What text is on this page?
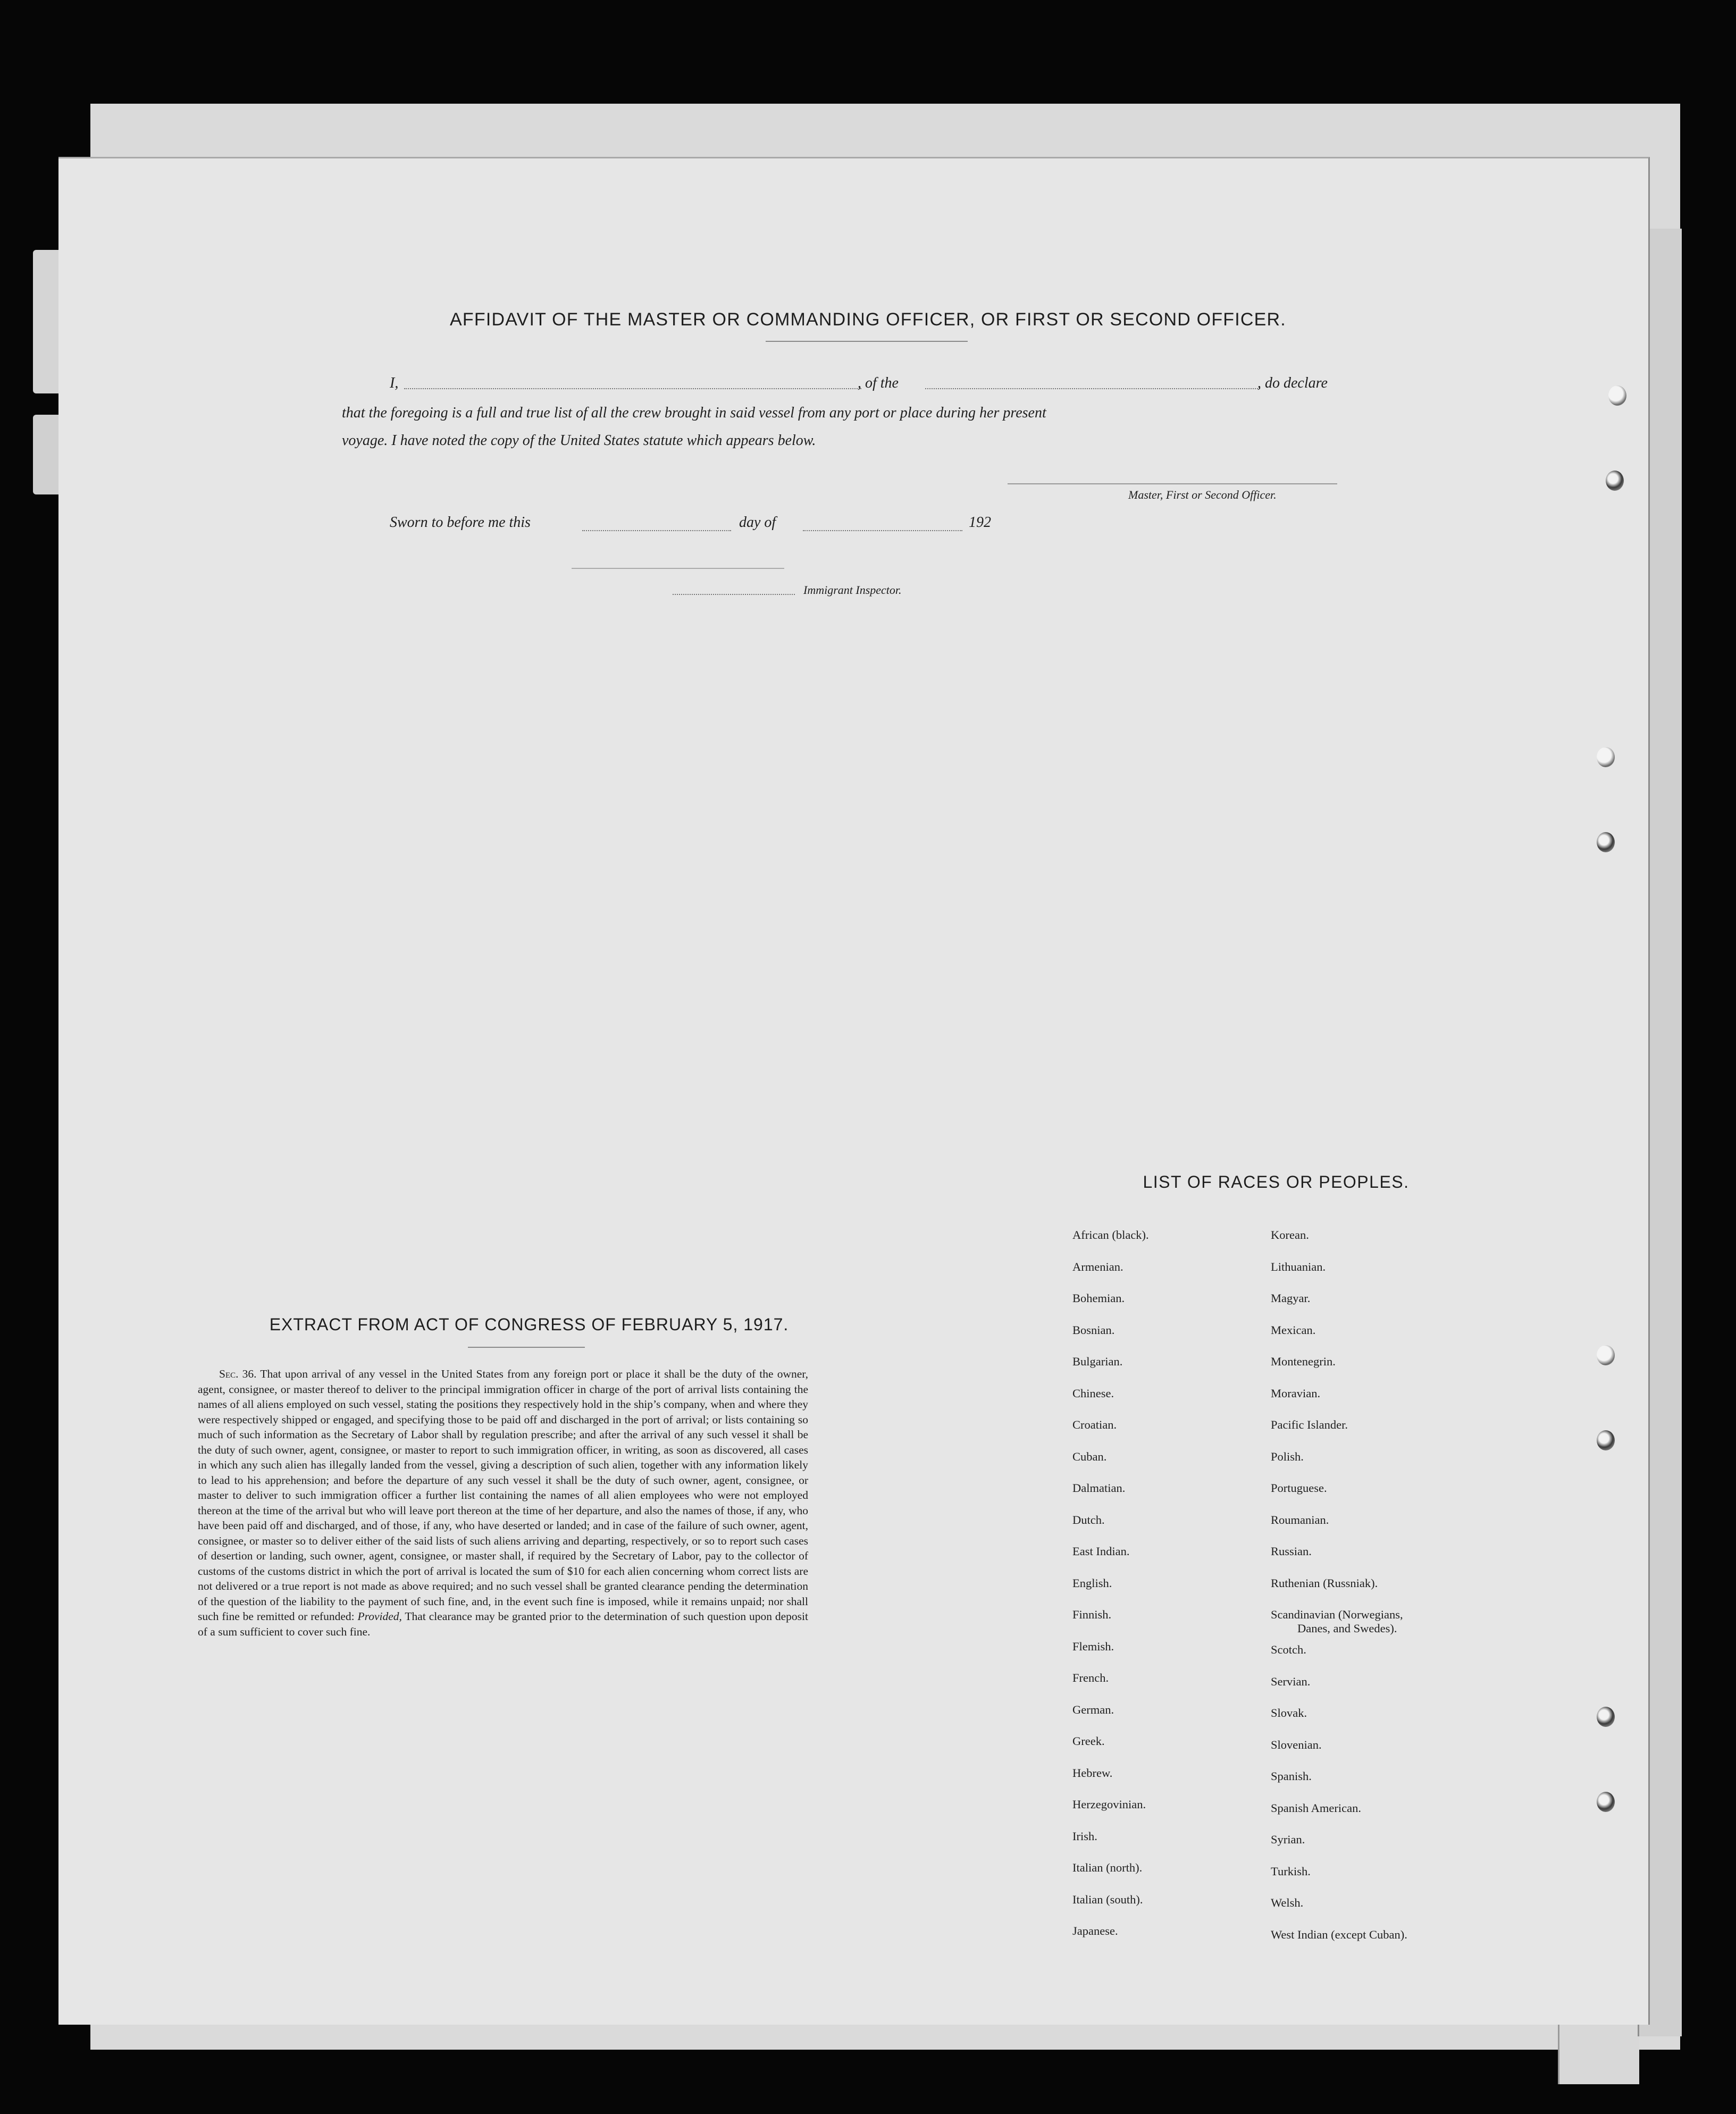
AFFIDAVIT OF THE MASTER OR COMMANDING OFFICER, OR FIRST OR SECOND OFFICER.
I,	, of the	, do declare
that the foregoing is a full and true list of all the crew brought in said vessel from any port or place during her present
voyage. I have noted the copy of the United States statute which appears below.
Master, First or Second Officer.
Sworn to before me this	day of	192
Immigrant Inspector.
EXTRACT FROM ACT OF CONGRESS OF FEBRUARY 5, 1917.

Sec. 36. That upon arrival of any vessel in the United States from any foreign port or place it shall be the duty of the owner, agent, consignee, or master thereof to deliver to the principal immigration officer in charge of the port of arrival lists containing the names of all aliens employed on such vessel, stating the positions they respectively hold in the ship’s company, when and where they were respectively shipped or engaged, and specifying those to be paid off and discharged in the port of arrival; or lists containing so much of such information as the Secretary of Labor shall by regulation prescribe; and after the arrival of any such vessel it shall be the duty of such owner, agent, consignee, or master to report to such immigration officer, in writing, as soon as discovered, all cases in which any such alien has illegally landed from the vessel, giving a description of such alien, together with any information likely to lead to his apprehension; and before the departure of any such vessel it shall be the duty of such owner, agent, consignee, or master to deliver to such immigration officer a further list containing the names of all alien employees who were not employed thereon at the time of the arrival but who will leave port thereon at the time of her departure, and also the names of those, if any, who have been paid off and discharged, and of those, if any, who have deserted or landed; and in case of the failure of such owner, agent, consignee, or master so to deliver either of the said lists of such aliens arriving and departing, respectively, or so to report such cases of desertion or landing, such owner, agent, consignee, or master shall, if required by the Secretary of Labor, pay to the collector of customs of the customs district in which the port of arrival is located the sum of $10 for each alien concerning whom correct lists are not delivered or a true report is not made as above required; and no such vessel shall be granted clearance pending the determination of the question of the liability to the payment of such fine, and, in the event such fine is imposed, while it remains unpaid; nor shall such fine be remitted or refunded: Provided, That clearance may be granted prior to the determination of such question upon deposit of a sum sufficient to cover such fine.

LIST OF RACES OR PEOPLES.
African (black).
Armenian.
Bohemian.
Bosnian.
Bulgarian.
Chinese.
Croatian.
Cuban.
Dalmatian.
Dutch.
East Indian.
English.
Finnish.
Flemish.
French.
German.
Greek.
Hebrew.
Herzegovinian.
Irish.
Italian (north).
Italian (south).
Japanese.
Korean.
Lithuanian.
Magyar.
Mexican.
Montenegrin.
Moravian.
Pacific Islander.
Polish.
Portuguese.
Roumanian.
Russian.
Ruthenian (Russniak).
Scandinavian (Norwegians,
Danes, and Swedes).
Scotch.
Servian.
Slovak.
Slovenian.
Spanish.
Spanish American.
Syrian.
Turkish.
Welsh.
West Indian (except Cuban).
